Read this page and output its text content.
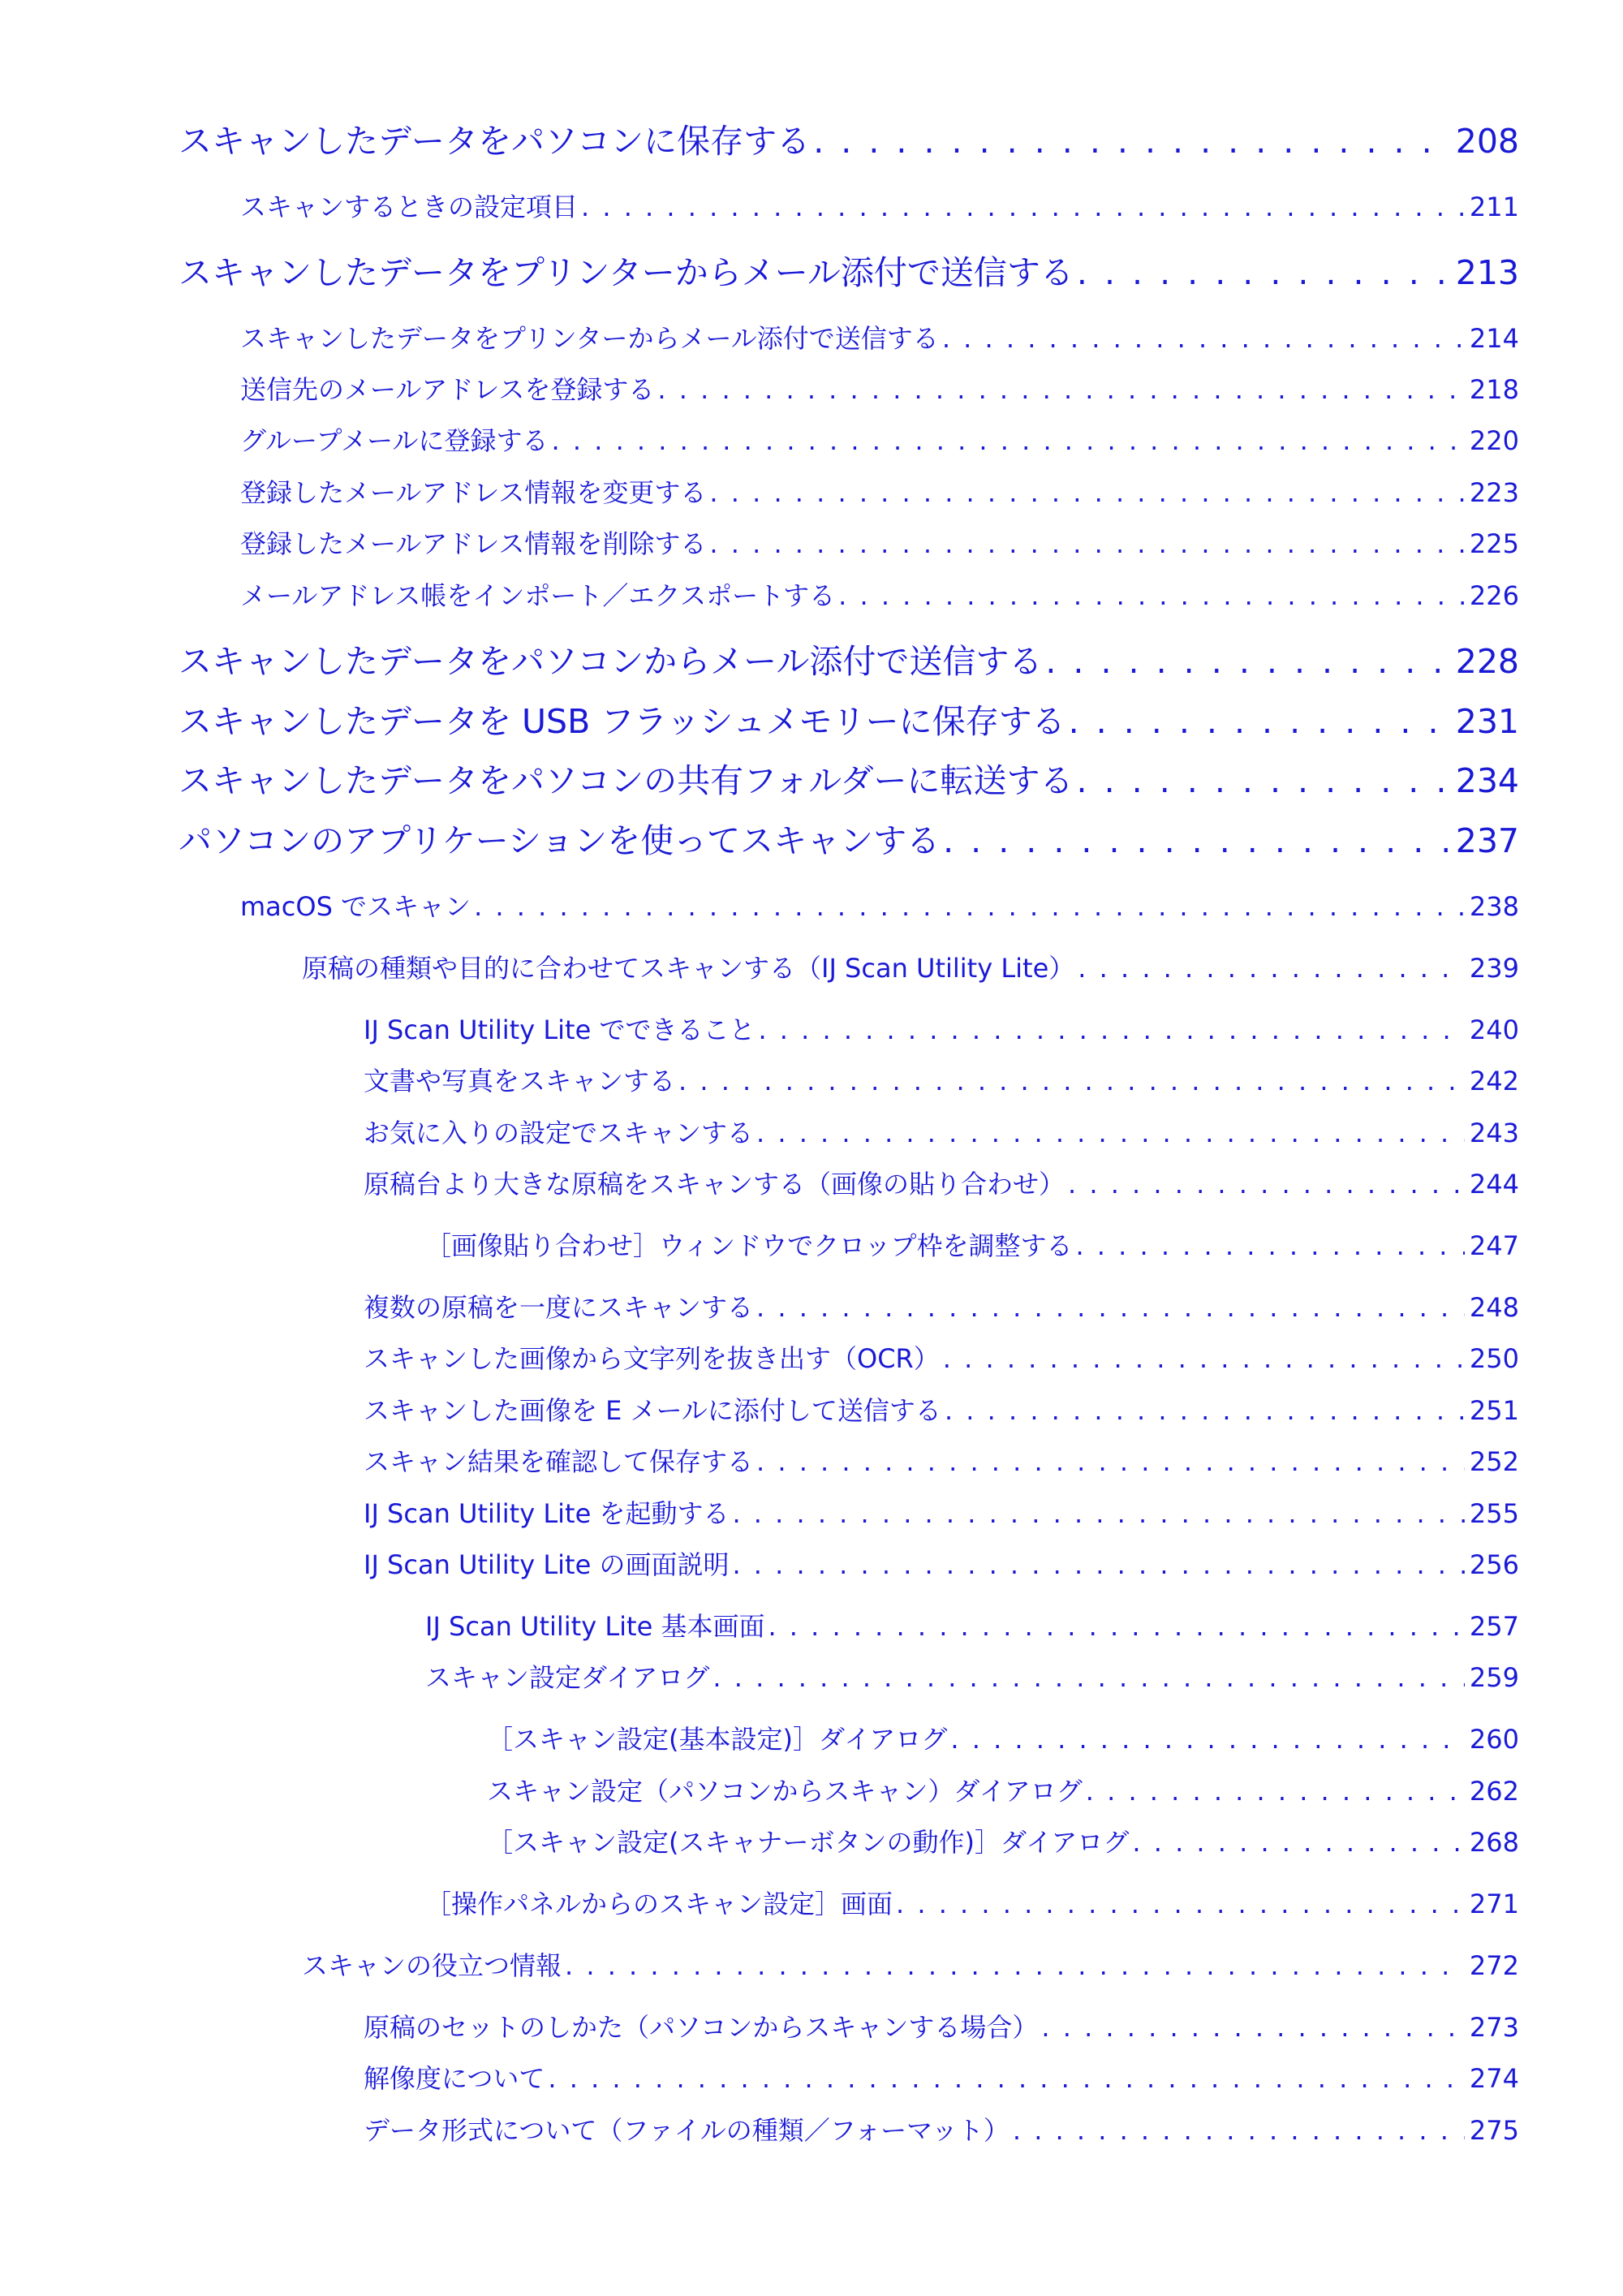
スキャンしたデータをパソコンに保存する . . .	208
スキャンするときの設定項目 . . .	211
スキャンしたデータをプリンターからメール添付で送信する . . .	213
スキャンしたデータをプリンターからメール添付で送信する . . .	214
送信先のメールアドレスを登録する . . .	218
グループメールに登録する . . .	220
登録したメールアドレス情報を変更する . . .	223
登録したメールアドレス情報を削除する . . .	225
メールアドレス帳をインポート／エクスポートする . . .	226
スキャンしたデータをパソコンからメール添付で送信する . . .	228
スキャンしたデータを USB フラッシュメモリーに保存する . . .	231
スキャンしたデータをパソコンの共有フォルダーに転送する . . .	234
パソコンのアプリケーションを使ってスキャンする . . .	237
macOS でスキャン . . .	238
原稿の種類や目的に合わせてスキャンする（IJ Scan Utility Lite） . . .	239
IJ Scan Utility Lite でできること . . .	240
文書や写真をスキャンする . . .	242
お気に入りの設定でスキャンする . . .	243
原稿台より大きな原稿をスキャンする（画像の貼り合わせ） . . .	244
［画像貼り合わせ］ウィンドウでクロップ枠を調整する . . .	247
複数の原稿を一度にスキャンする . . .	248
スキャンした画像から文字列を抜き出す（OCR） . . .	250
スキャンした画像を E メールに添付して送信する . . .	251
スキャン結果を確認して保存する . . .	252
IJ Scan Utility Lite を起動する . . .	255
IJ Scan Utility Lite の画面説明 . . .	256
IJ Scan Utility Lite 基本画面 . . .	257
スキャン設定ダイアログ . . .	259
［スキャン設定(基本設定)］ダイアログ . . .	260
スキャン設定（パソコンからスキャン）ダイアログ . . .	262
［スキャン設定(スキャナーボタンの動作)］ダイアログ . . .	268
［操作パネルからのスキャン設定］画面 . . .	271
スキャンの役立つ情報 . . .	272
原稿のセットのしかた（パソコンからスキャンする場合） . . .	273
解像度について . . .	274
データ形式について（ファイルの種類／フォーマット） . . .	275
